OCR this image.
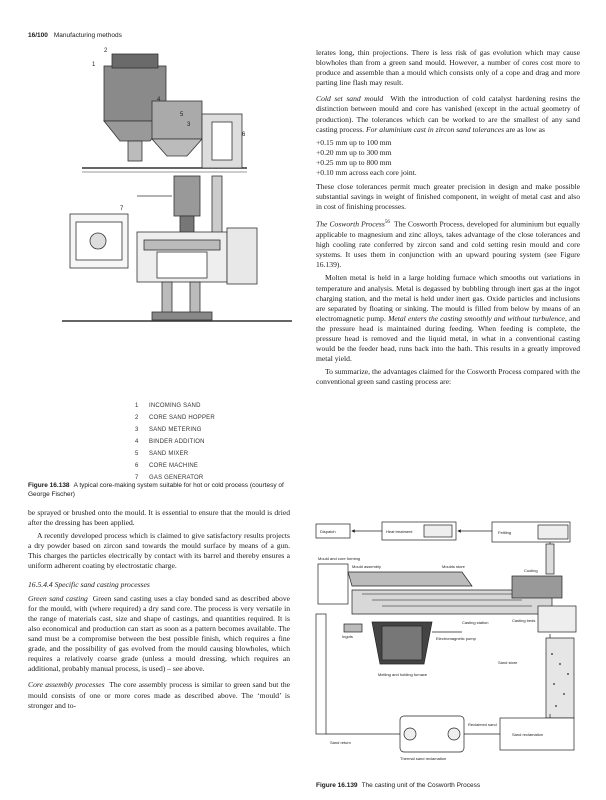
16/100 Manufacturing methods
1
2
4
5
3
6
7
1 INCOMING SAND
2 CORE SAND HOPPER
3 SAND METERING
4 BINDER ADDITION
5 SAND MIXER
6 CORE MACHINE
7 GAS GENERATOR
Figure 16.138 A typical core-making system suitable for hot or cold process (courtesy of George Fischer)

be sprayed or brushed onto the mould. It is essential to ensure that the mould is dried after the dressing has been applied.

A recently developed process which is claimed to give satisfactory results projects a dry powder based on zircon sand towards the mould surface by means of a gun. This charges the particles electrically by contact with its barrel and thereby ensures a uniform adherent coating by electrostatic charge.

16.5.4.4 Specific sand casting processes

Green sand casting Green sand casting uses a clay bonded sand as described above for the mould, with (where required) a dry sand core. The process is very versatile in the range of materials cast, size and shape of castings, and quantities required. It is also economical and production can start as soon as a pattern becomes available. The sand must be a compromise between the best possible finish, which requires a fine grade, and the possibility of gas evolved from the mould causing blowholes, which requires a relatively coarse grade (unless a mould dressing, which requires an additional, probably manual process, is used) – see above.

Core assembly processes The core assembly process is similar to green sand but the mould consists of one or more cores made as described above. The ‘mould’ is stronger and to-

lerates long, thin projections. There is less risk of gas evolution which may cause blowholes than from a green sand mould. However, a number of cores cost more to produce and assemble than a mould which consists only of a cope and drag and more parting line flash may result.

Cold set sand mould With the introduction of cold catalyst hardening resins the distinction between mould and core has vanished (except in the actual geometry of production). The tolerances which can be worked to are the smallest of any sand casting process. For aluminium cast in zircon sand tolerances are as low as

+0.15 mm up to 100 mm
+0.20 mm up to 300 mm
+0.25 mm up to 800 mm
+0.10 mm across each core joint.

These close tolerances permit much greater precision in design and make possible substantial savings in weight of finished component, in weight of metal cast and also in cost of finishing processes.

The Cosworth Process$^{56}$ The Cosworth Process, developed for aluminium but equally applicable to magnesium and zinc alloys, takes advantage of the close tolerances and high cooling rate conferred by zircon sand and cold setting resin mould and core systems. It uses them in conjunction with an upward pouring system (see Figure 16.139).

Molten metal is held in a large holding furnace which smooths out variations in temperature and analysis. Metal is degassed by bubbling through inert gas at the ingot charging station, and the metal is held under inert gas. Oxide particles and inclusions are separated by floating or sinking. The mould is filled from below by means of an electromagnetic pump. Metal enters the casting smoothly and without turbulence, and the pressure head is maintained during feeding. When feeding is complete, the pressure head is removed and the liquid metal, in what in a conventional casting would be the feeder head, runs back into the bath. This results in a greatly improved metal yield.

To summarize, the advantages claimed for the Cosworth Process compared with the conventional green sand casting process are:

Dispatch	Heat treatment	Fettling
Mould assembly
Mould and core forming
Moulds store
Cooling
Casting station	Casting beds
Electromagnetic pump
Ingots
Melting and holding furnace
Sand store
Sand return
Thermal sand reclamation
Sand reclamation
Reclaimed sand
Figure 16.139 The casting unit of the Cosworth Process
